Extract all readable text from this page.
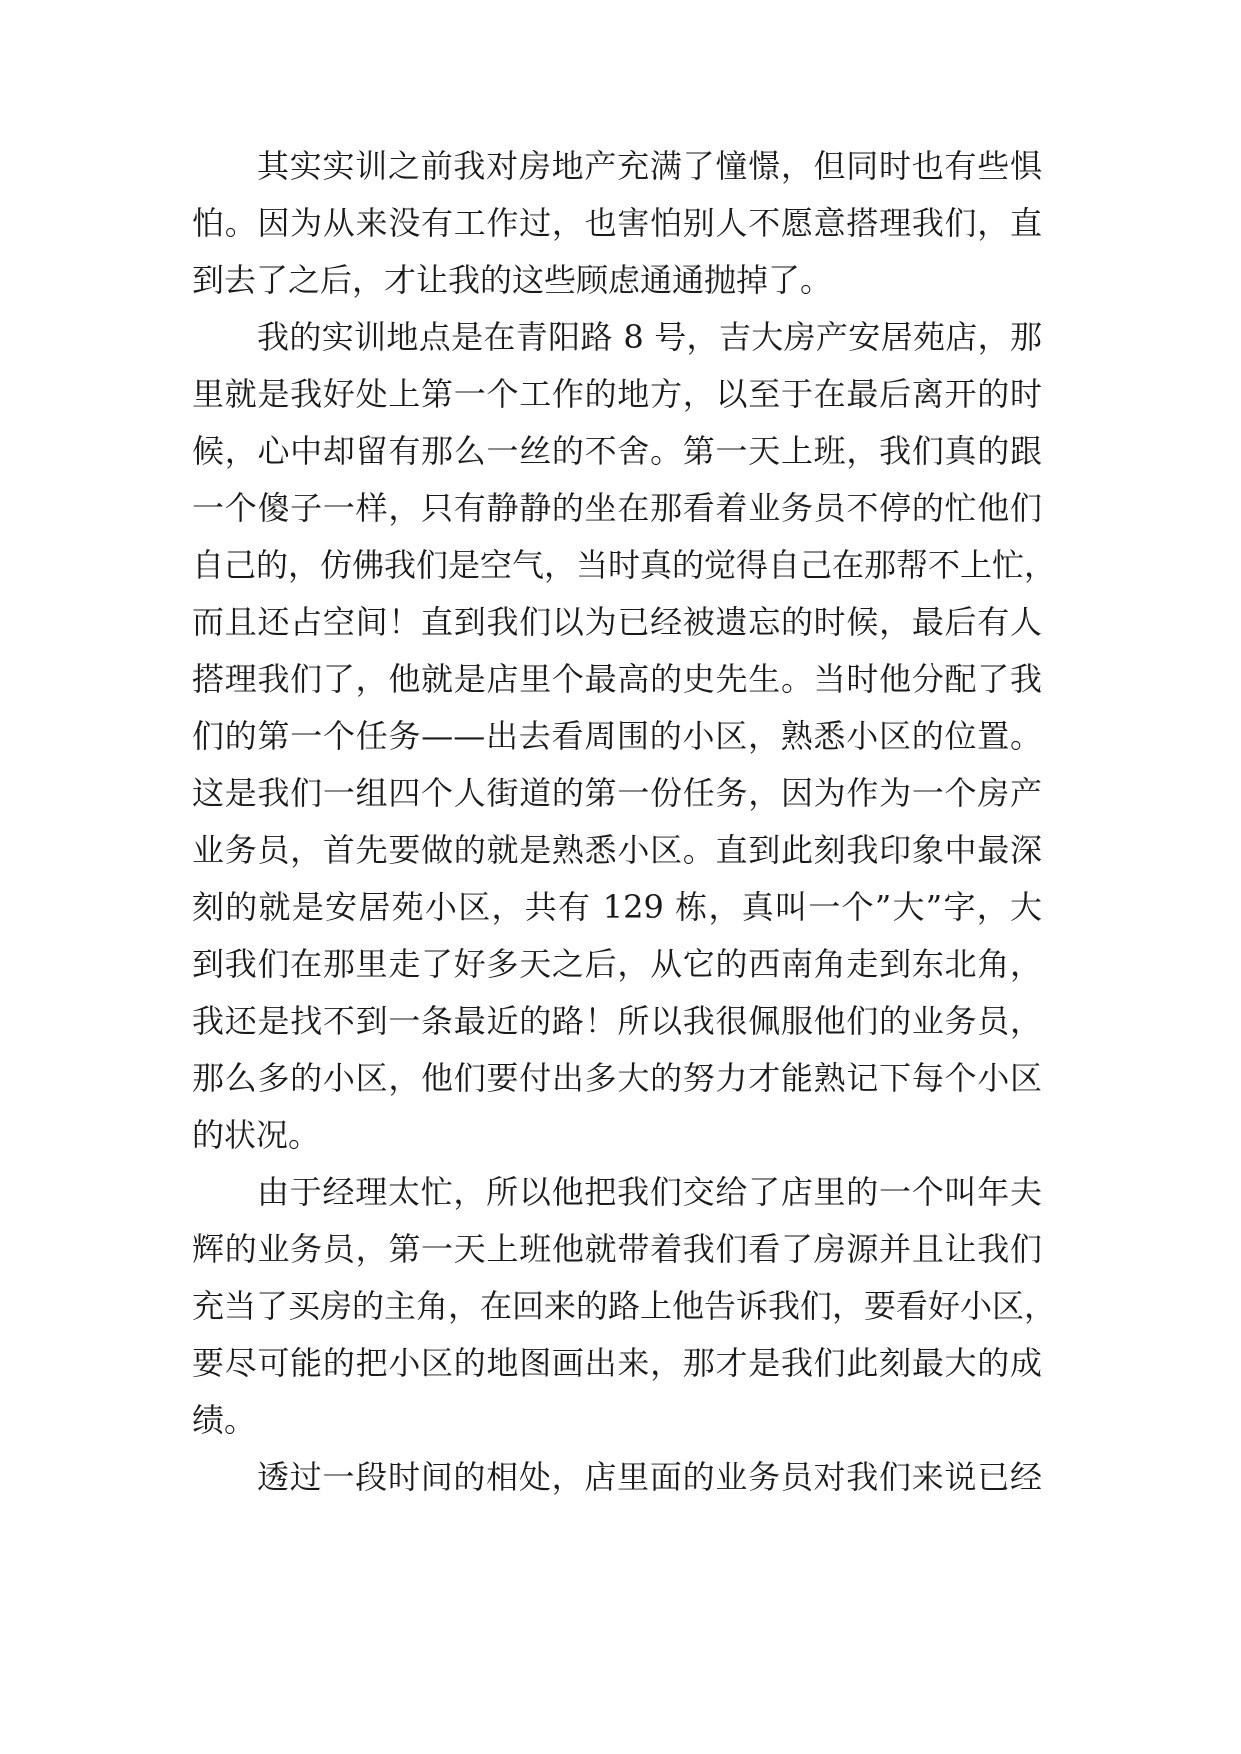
其实实训之前我对房地产充满了憧憬，但同时也有些惧
怕。因为从来没有工作过，也害怕别人不愿意搭理我们，直
到去了之后，才让我的这些顾虑通通抛掉了。
我的实训地点是在青阳路 8 号，吉大房产安居苑店，那
里就是我好处上第一个工作的地方，以至于在最后离开的时
候，心中却留有那么一丝的不舍。第一天上班，我们真的跟
一个傻子一样，只有静静的坐在那看着业务员不停的忙他们
自己的，仿佛我们是空气，当时真的觉得自己在那帮不上忙，
而且还占空间！直到我们以为已经被遗忘的时候，最后有人
搭理我们了，他就是店里个最高的史先生。当时他分配了我
们的第一个任务——出去看周围的小区，熟悉小区的位置。
这是我们一组四个人街道的第一份任务，因为作为一个房产
业务员，首先要做的就是熟悉小区。直到此刻我印象中最深
刻的就是安居苑小区，共有 129 栋，真叫一个”大”字，大
到我们在那里走了好多天之后，从它的西南角走到东北角，
我还是找不到一条最近的路！所以我很佩服他们的业务员，
那么多的小区，他们要付出多大的努力才能熟记下每个小区
的状况。
由于经理太忙，所以他把我们交给了店里的一个叫年夫
辉的业务员，第一天上班他就带着我们看了房源并且让我们
充当了买房的主角，在回来的路上他告诉我们，要看好小区，
要尽可能的把小区的地图画出来，那才是我们此刻最大的成
绩。
透过一段时间的相处，店里面的业务员对我们来说已经
